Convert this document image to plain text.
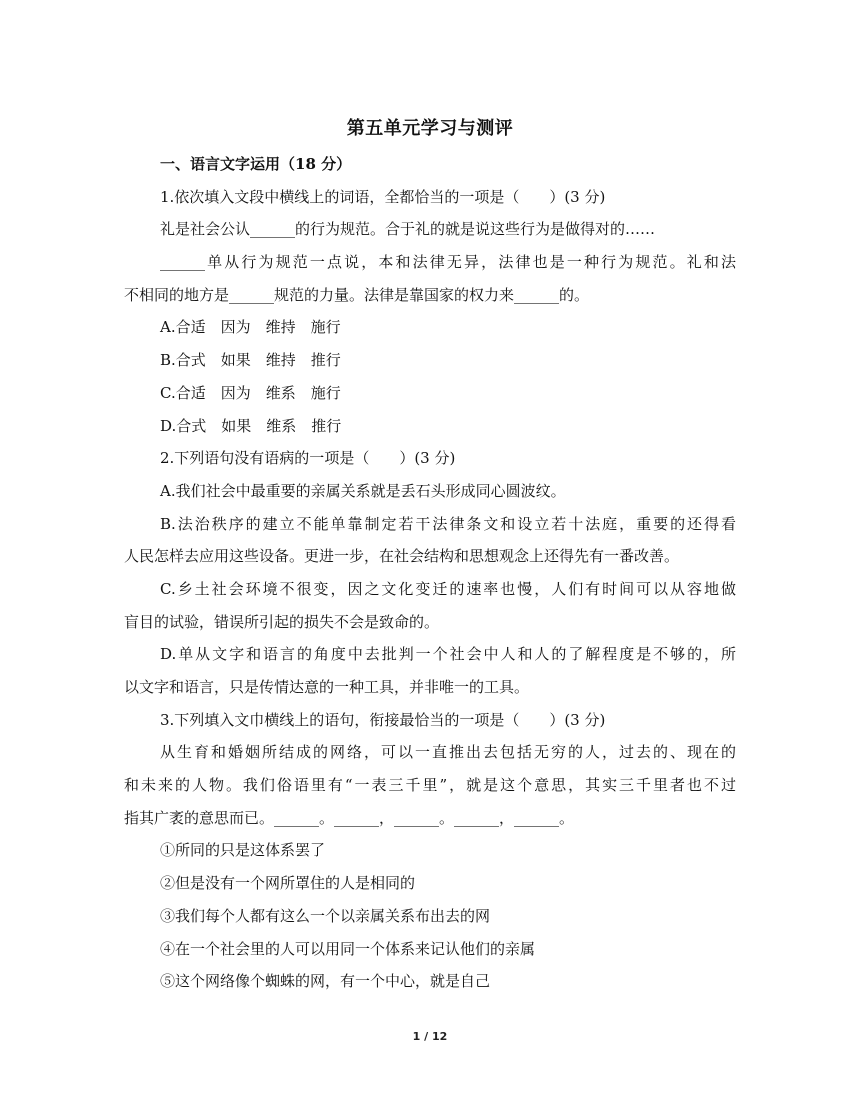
第五单元学习与测评
一、语言文字运用（18 分）
1.依次填入文段中横线上的词语，全都恰当的一项是（　　）(3 分)
礼是社会公认______的行为规范。合于礼的就是说这些行为是做得对的……
______单从行为规范一点说，本和法律无异，法律也是一种行为规范。礼和法
不相同的地方是______规范的力量。法律是靠国家的权力来______的。
A.合适　因为　维持　施行
B.合式　如果　维持　推行
C.合适　因为　维系　施行
D.合式　如果　维系　推行
2.下列语句没有语病的一项是（　　）(3 分)
A.我们社会中最重要的亲属关系就是丢石头形成同心圆波纹。
B.法治秩序的建立不能单靠制定若干法律条文和设立若十法庭，重要的还得看
人民怎样去应用这些设备。更进一步，在社会结构和思想观念上还得先有一番改善。
C.乡土社会环境不很变，因之文化变迁的速率也慢，人们有时间可以从容地做
盲目的试验，错误所引起的损失不会是致命的。
D.单从文字和语言的角度中去批判一个社会中人和人的了解程度是不够的，所
以文字和语言，只是传情达意的一种工具，并非唯一的工具。
3.下列填入文巾横线上的语句，衔接最恰当的一项是（　　）(3 分)
从生育和婚姻所结成的网络，可以一直推出去包括无穷的人，过去的、现在的
和未来的人物。我们俗语里有“一表三千里”，就是这个意思，其实三千里者也不过
指其广袤的意思而已。______。______，______。______，______。
①所同的只是这体系罢了
②但是没有一个网所罩住的人是相同的
③我们每个人都有这么一个以亲属关系布出去的网
④在一个社会里的人可以用同一个体系来记认他们的亲属
⑤这个网络像个蜘蛛的网，有一个中心，就是自己
1 / 12
